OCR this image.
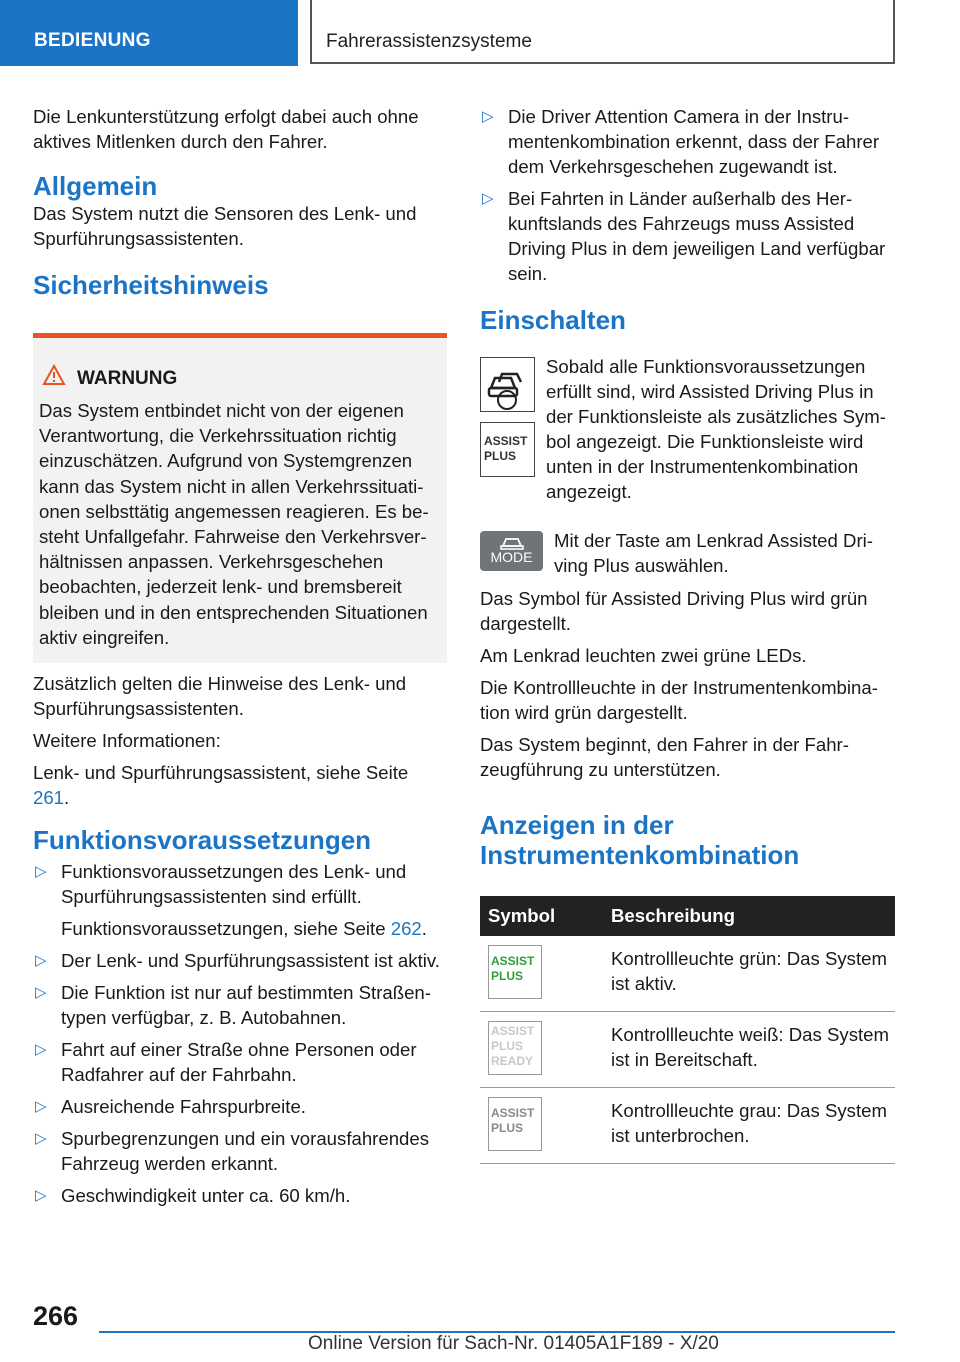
BEDIENUNG	Fahrerassistenzsysteme

Die Lenkunterstützung erfolgt dabei auch ohne aktives Mitlenken durch den Fahrer.

Allgemein

Das System nutzt die Sensoren des Lenk- und Spurführungsassistenten.

Sicherheitshinweis
WARNUNG
Das System entbindet nicht von der eigenen Verantwortung, die Verkehrssituation richtig einzuschätzen. Aufgrund von Systemgrenzen kann das System nicht in allen Verkehrssituationen selbsttätig angemessen reagieren. Es besteht Unfallgefahr. Fahrweise den Verkehrsverhältnissen anpassen. Verkehrsgeschehen beobachten, jederzeit lenk- und bremsbereit bleiben und in den entsprechenden Situationen aktiv eingreifen.

Zusätzlich gelten die Hinweise des Lenk- und Spurführungsassistenten.

Weitere Informationen:

Lenk- und Spurführungsassistent, siehe Seite 261.

Funktionsvoraussetzungen
▷ Funktionsvoraussetzungen des Lenk- und Spurführungsassistenten sind erfüllt.
Funktionsvoraussetzungen, siehe Seite 262.
▷ Der Lenk- und Spurführungsassistent ist aktiv.
▷ Die Funktion ist nur auf bestimmten Straßentypen verfügbar, z. B. Autobahnen.
▷ Fahrt auf einer Straße ohne Personen oder Radfahrer auf der Fahrbahn.
▷ Ausreichende Fahrspurbreite.
▷ Spurbegrenzungen und ein vorausfahrendes Fahrzeug werden erkannt.
▷ Geschwindigkeit unter ca. 60 km/h.
▷ Die Driver Attention Camera in der Instrumentenkombination erkennt, dass der Fahrer dem Verkehrsgeschehen zugewandt ist.
▷ Bei Fahrten in Länder außerhalb des Herkunftslands des Fahrzeugs muss Assisted Driving Plus in dem jeweiligen Land verfügbar sein.
Einschalten
ASSIST
PLUS
Sobald alle Funktionsvoraussetzungen erfüllt sind, wird Assisted Driving Plus in der Funktionsleiste als zusätzliches Symbol angezeigt. Die Funktionsleiste wird unten in der Instrumentenkombination angezeigt.
MODE
Mit der Taste am Lenkrad Assisted Driving Plus auswählen.

Das Symbol für Assisted Driving Plus wird grün dargestellt.

Am Lenkrad leuchten zwei grüne LEDs.

Die Kontrollleuchte in der Instrumentenkombination wird grün dargestellt.

Das System beginnt, den Fahrer in der Fahrzeugführung zu unterstützen.

Anzeigen in der Instrumentenkombination
Symbol	Beschreibung
ASSIST
PLUS
Kontrollleuchte grün: Das System ist aktiv.
ASSIST
PLUS
READY
Kontrollleuchte weiß: Das System ist in Bereitschaft.
ASSIST
PLUS
Kontrollleuchte grau: Das System ist unterbrochen.
266
Online Version für Sach-Nr. 01405A1F189 - X/20
